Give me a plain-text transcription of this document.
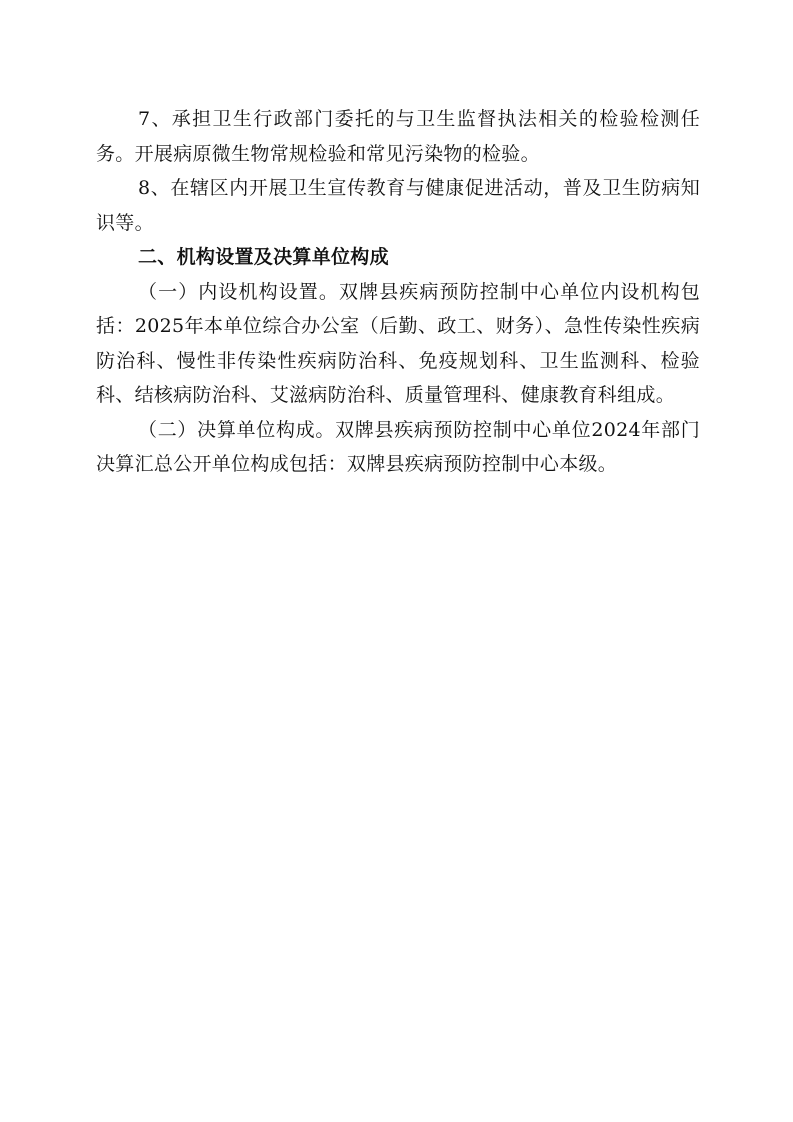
7、承担卫生行政部门委托的与卫生监督执法相关的检验检测任务。开展病原微生物常规检验和常见污染物的检验。

8、在辖区内开展卫生宣传教育与健康促进活动，普及卫生防病知识等。

二、机构设置及决算单位构成

（一）内设机构设置。双牌县疾病预防控制中心单位内设机构包括：2025年本单位综合办公室（后勤、政工、财务）、急性传染性疾病防治科、慢性非传染性疾病防治科、免疫规划科、卫生监测科、检验科、结核病防治科、艾滋病防治科、质量管理科、健康教育科组成。

（二）决算单位构成。双牌县疾病预防控制中心单位2024年部门决算汇总公开单位构成包括：双牌县疾病预防控制中心本级。
